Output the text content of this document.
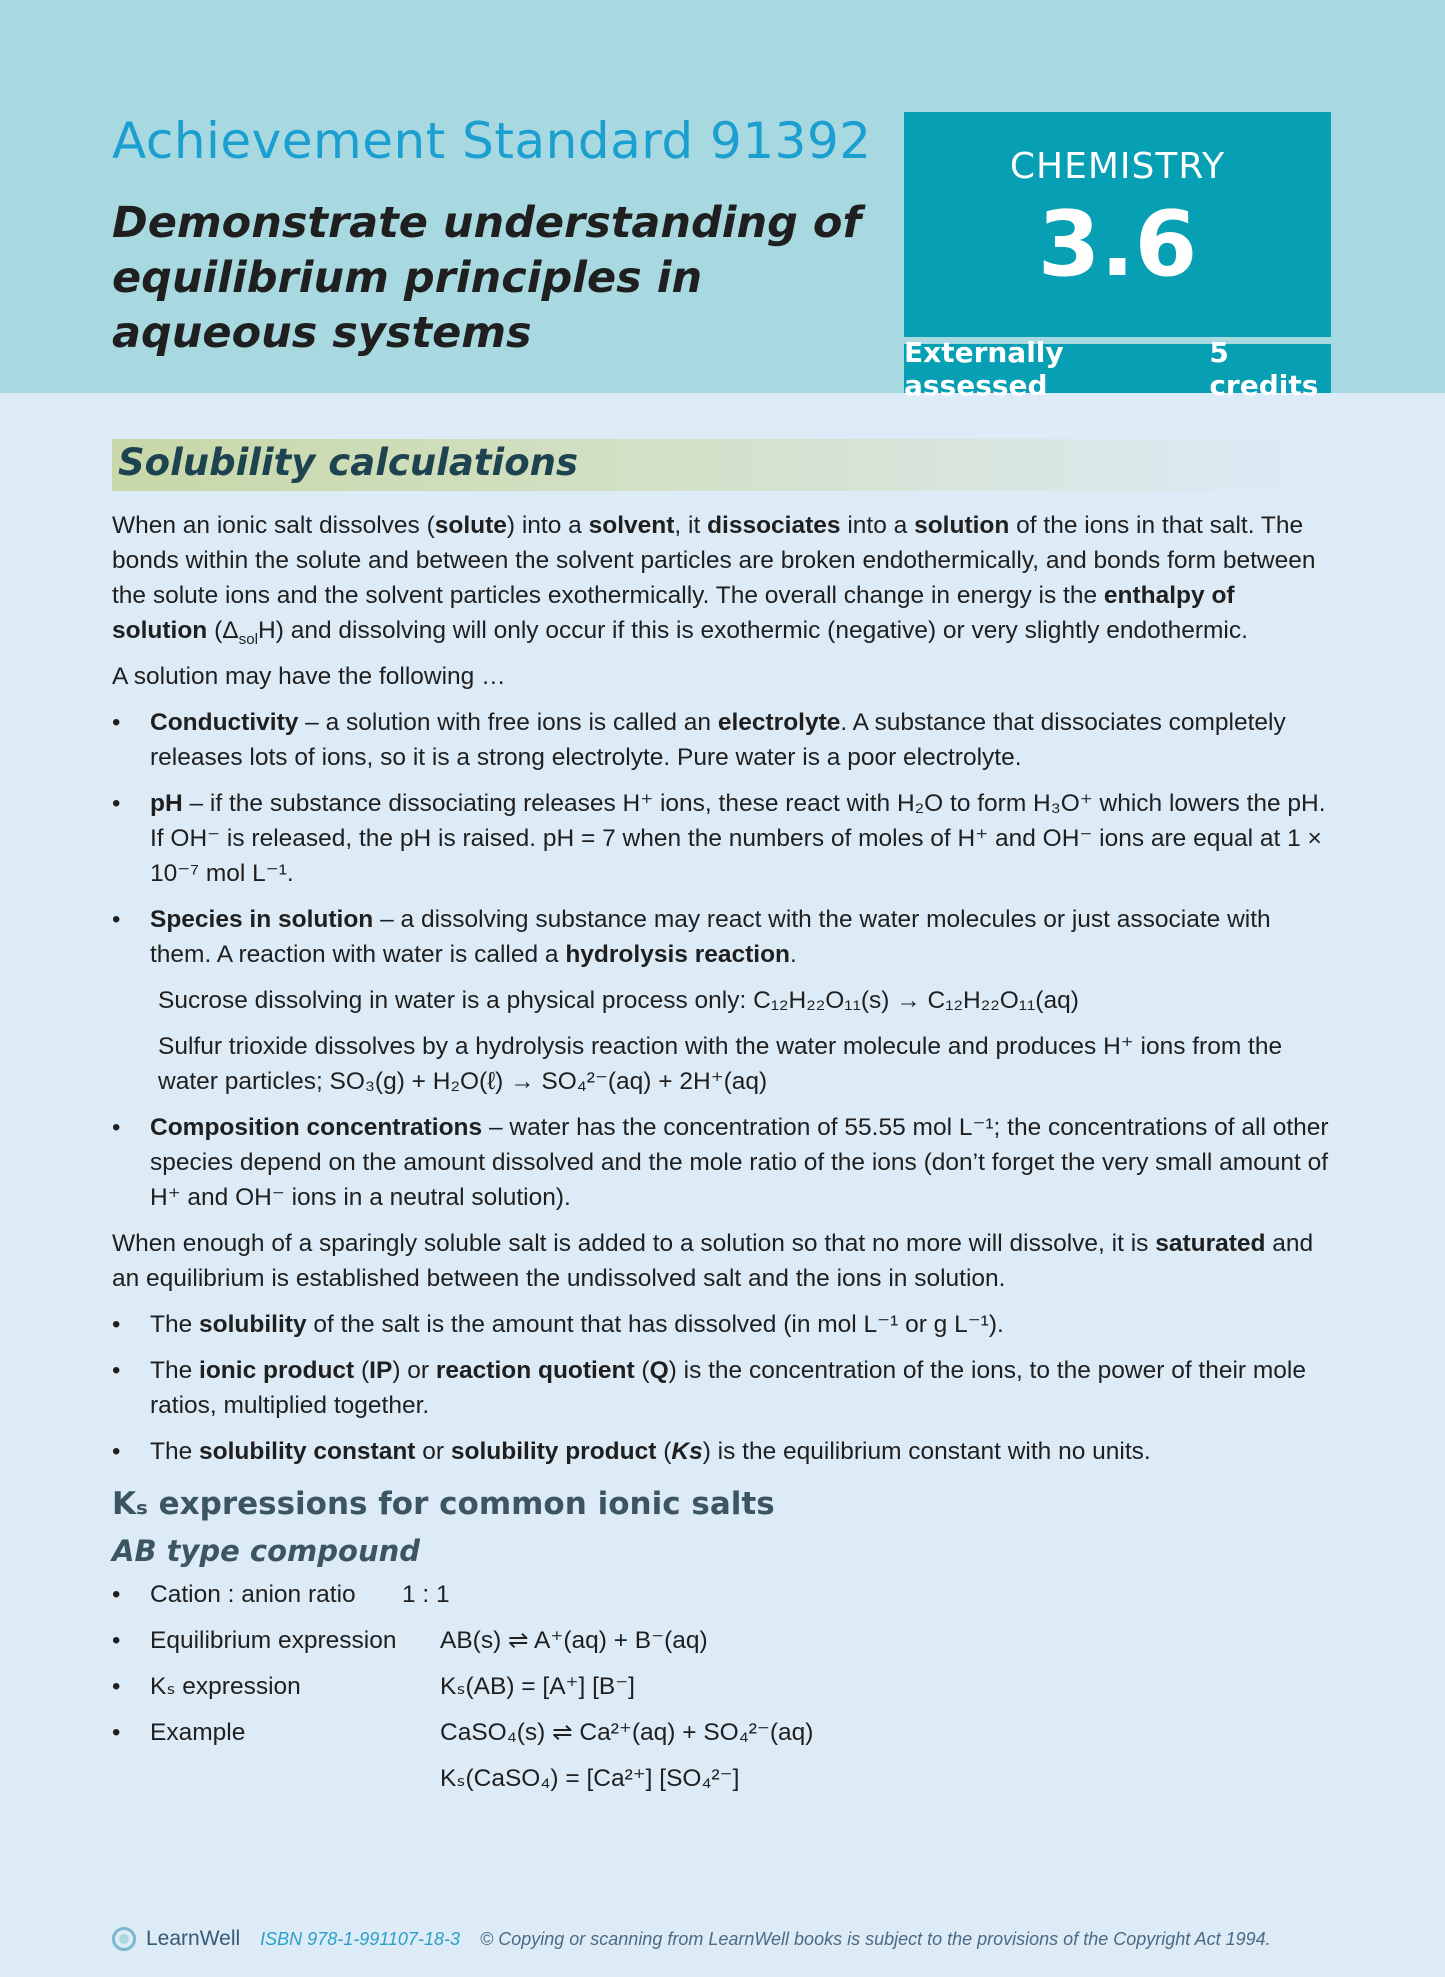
Achievement Standard 91392
Demonstrate understanding of equilibrium principles in aqueous systems
CHEMISTRY
3.6
Externally assessed
5 credits
Solubility calculations
When an ionic salt dissolves (solute) into a solvent, it dissociates into a solution of the ions in that salt. The bonds within the solute and between the solvent particles are broken endothermically, and bonds form between the solute ions and the solvent particles exothermically. The overall change in energy is the enthalpy of solution $(\Delta_{sol}H)$ and dissolving will only occur if this is exothermic (negative) or very slightly endothermic.
A solution may have the following …
• Conductivity – a solution with free ions is called an electrolyte. A substance that dissociates completely releases lots of ions, so it is a strong electrolyte. Pure water is a poor electrolyte.
• pH – if the substance dissociating releases H⁺ ions, these react with H₂O to form H₃O⁺ which lowers the pH. If OH⁻ is released, the pH is raised. pH = 7 when the numbers of moles of H⁺ and OH⁻ ions are equal at 1 × 10⁻⁷ mol L⁻¹.
• Species in solution – a dissolving substance may react with the water molecules or just associate with them. A reaction with water is called a hydrolysis reaction.
Sucrose dissolving in water is a physical process only: C₁₂H₂₂O₁₁(s) → C₁₂H₂₂O₁₁(aq)
Sulfur trioxide dissolves by a hydrolysis reaction with the water molecule and produces H⁺ ions from the water particles; SO₃(g) + H₂O(ℓ) → SO₄²⁻(aq) + 2H⁺(aq)
• Composition concentrations – water has the concentration of 55.55 mol L⁻¹; the concentrations of all other species depend on the amount dissolved and the mole ratio of the ions (don’t forget the very small amount of H⁺ and OH⁻ ions in a neutral solution).
When enough of a sparingly soluble salt is added to a solution so that no more will dissolve, it is saturated and an equilibrium is established between the undissolved salt and the ions in solution.
• The solubility of the salt is the amount that has dissolved (in mol L⁻¹ or g L⁻¹).
• The ionic product (IP) or reaction quotient (Q) is the concentration of the ions, to the power of their mole ratios, multiplied together.
• The solubility constant or solubility product (Ks) is the equilibrium constant with no units.
Kₛ expressions for common ionic salts
AB type compound
• Cation : anion ratio	1 : 1
• Equilibrium expression	AB(s) ⇌ A⁺(aq) + B⁻(aq)
• Kₛ expression	Kₛ(AB) = [A⁺] [B⁻]
• Example	CaSO₄(s) ⇌ Ca²⁺(aq) + SO₄²⁻(aq)
Kₛ(CaSO₄) = [Ca²⁺] [SO₄²⁻]
LearnWell ISBN 978-1-991107-18-3 © Copying or scanning from LearnWell books is subject to the provisions of the Copyright Act 1994.
